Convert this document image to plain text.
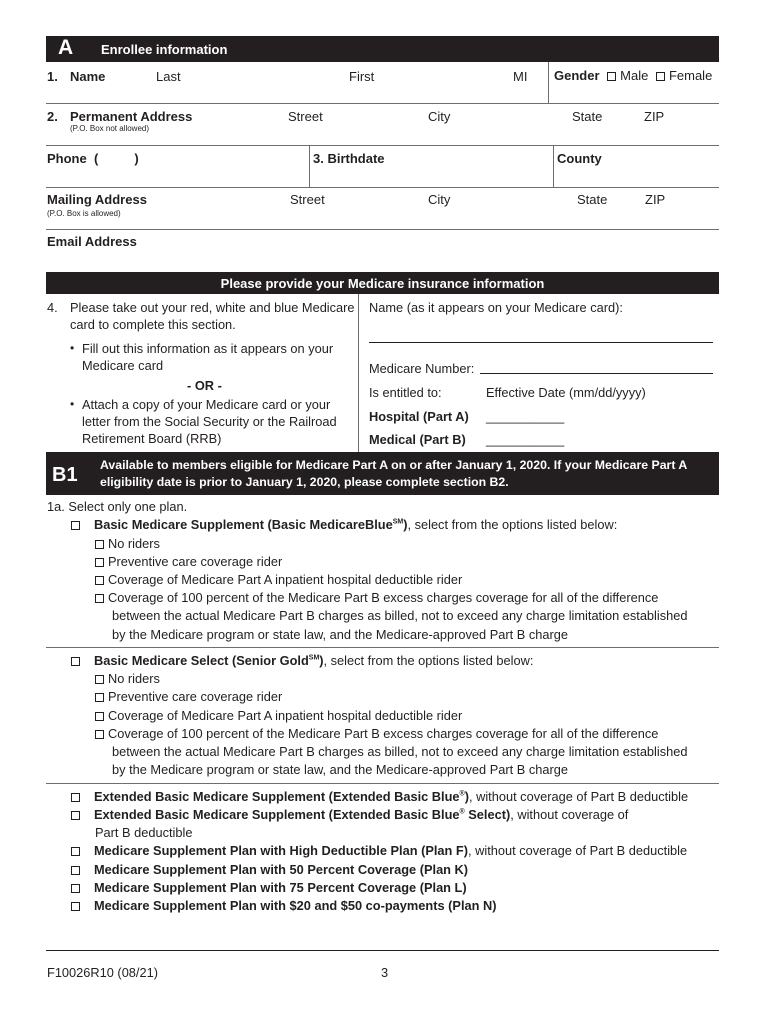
A Enrollee information
1. Name	Last	First	MI Gender Male Female
2. Permanent Address
(P.O. Box not allowed)
Street	City	State	ZIP
Phone  (          )	3. Birthdate	County
Mailing Address
(P.O. Box is allowed)
Street	City	State	ZIP
Email Address
Please provide your Medicare insurance information
4. Please take out your red, white and blue Medicare
card to complete this section.
• Fill out this information as it appears on your
Medicare card
- OR -
• Attach a copy of your Medicare card or your
letter from the Social Security or the Railroad
Retirement Board (RRB)
Name (as it appears on your Medicare card):
Medicare Number:
Is entitled to:	Effective Date (mm/dd/yyyy)
Hospital (Part A) ___________
Medical (Part B) ___________
B1 Available to members eligible for Medicare Part A on or after January 1, 2020. If your Medicare Part A
eligibility date is prior to January 1, 2020, please complete section B2.
1a. Select only one plan.
Basic Medicare Supplement (Basic MedicareBlue℠), select from the options listed below:
No riders
Preventive care coverage rider
Coverage of Medicare Part A inpatient hospital deductible rider
Coverage of 100 percent of the Medicare Part B excess charges coverage for all of the difference
between the actual Medicare Part B charges as billed, not to exceed any charge limitation established
by the Medicare program or state law, and the Medicare-approved Part B charge
Basic Medicare Select (Senior Gold℠), select from the options listed below:
No riders
Preventive care coverage rider
Coverage of Medicare Part A inpatient hospital deductible rider
Coverage of 100 percent of the Medicare Part B excess charges coverage for all of the difference
between the actual Medicare Part B charges as billed, not to exceed any charge limitation established
by the Medicare program or state law, and the Medicare-approved Part B charge
Extended Basic Medicare Supplement (Extended Basic Blue®), without coverage of Part B deductible
Extended Basic Medicare Supplement (Extended Basic Blue® Select), without coverage of
Part B deductible
Medicare Supplement Plan with High Deductible Plan (Plan F), without coverage of Part B deductible
Medicare Supplement Plan with 50 Percent Coverage (Plan K)
Medicare Supplement Plan with 75 Percent Coverage (Plan L)
Medicare Supplement Plan with $20 and $50 co-payments (Plan N)
F10026R10 (08/21)	3
